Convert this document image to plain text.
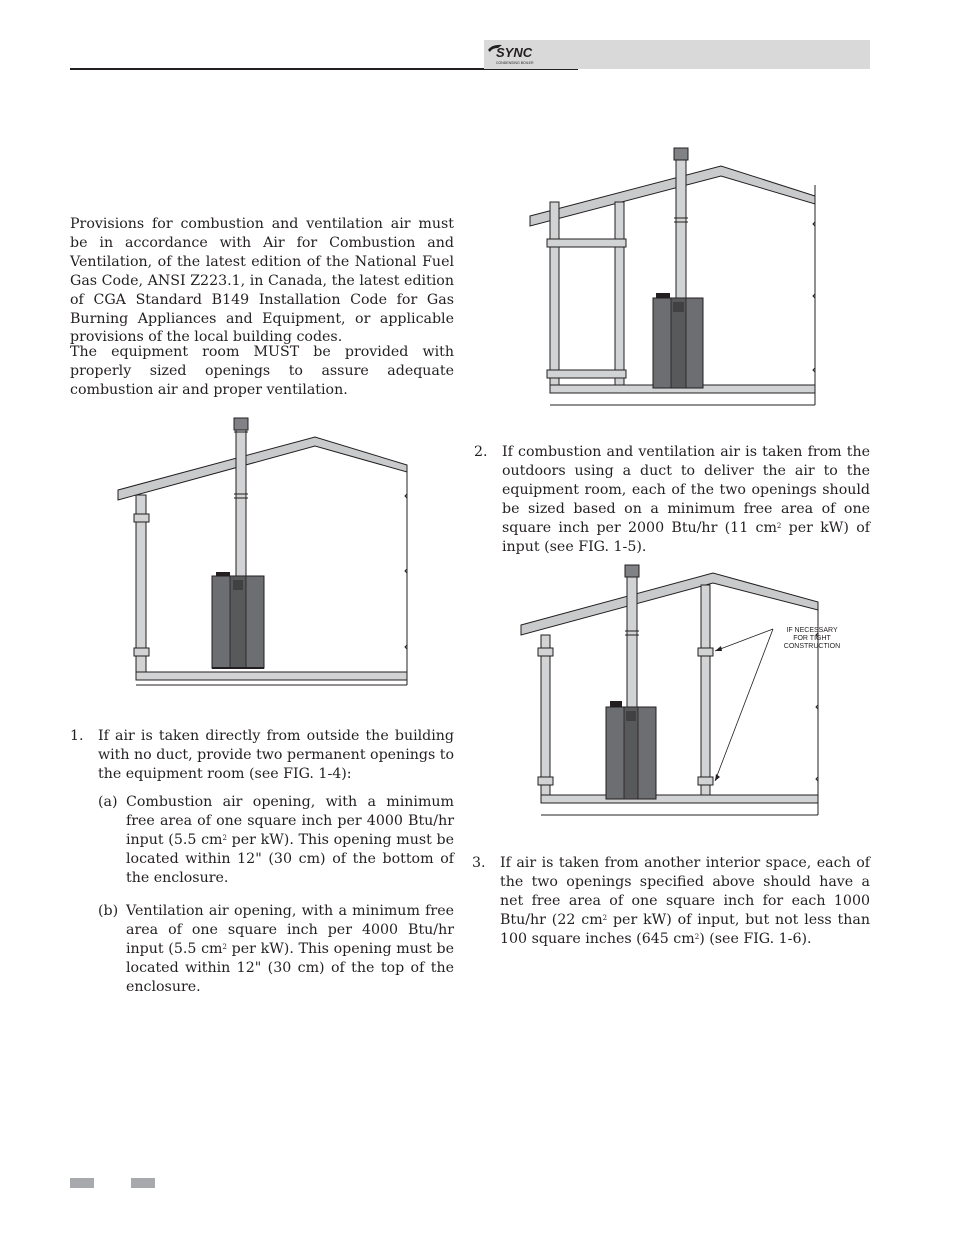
SYNC
CONDENSING BOILER

Provisions for combustion and ventilation air must be in accordance with Air for Combustion and Ventilation, of the latest edition of the National Fuel Gas Code, ANSI Z223.1, in Canada, the latest edition of CGA Standard B149 Installation Code for Gas Burning Appliances and Equipment, or applicable provisions of the local building codes.

The equipment room MUST be provided with properly sized openings to assure adequate combustion air and proper ventilation.

1. If air is taken directly from outside the building with no duct, provide two permanent openings to the equipment room (see FIG. 1-4):

(a) Combustion air opening, with a minimum free area of one square inch per 4000 Btu/hr input (5.5 $cm^2$ per kW). This opening must be located within 12" (30 cm) of the bottom of the enclosure.

(b) Ventilation air opening, with a minimum free area of one square inch per 4000 Btu/hr input (5.5 $cm^2$ per kW). This opening must be located within 12" (30 cm) of the top of the enclosure.

2. If combustion and ventilation air is taken from the outdoors using a duct to deliver the air to the equipment room, each of the two openings should be sized based on a minimum free area of one square inch per 2000 Btu/hr (11 $cm^2$ per kW) of input (see FIG. 1-5).

IF NECESSARY
FOR TIGHT
CONSTRUCTION
3. If air is taken from another interior space, each of the two openings specified above should have a net free area of one square inch for each 1000 Btu/hr (22 $cm^2$ per kW) of input, but not less than 100 square inches (645 $cm^2$) (see FIG. 1-6).
